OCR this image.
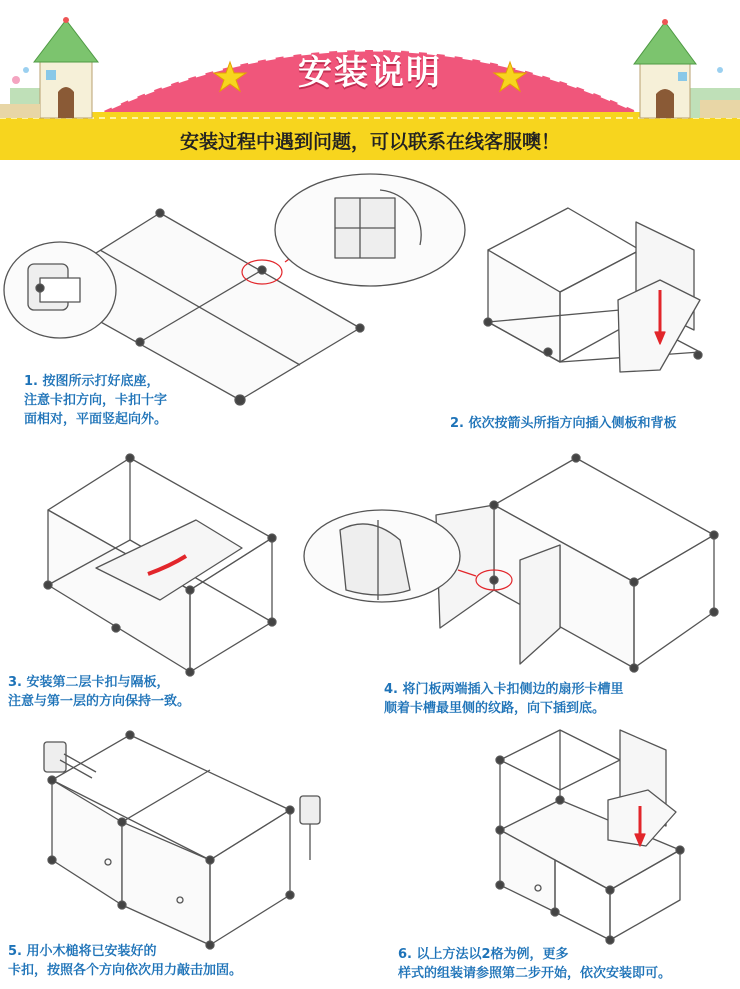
安装说明
安装过程中遇到问题，可以联系在线客服噢！

1. 按图所示打好底座，
注意卡扣方向，卡扣十字
面相对，平面竖起向外。	2. 依次按箭头所指方向插入侧板和背板

3. 安装第二层卡扣与隔板，
注意与第一层的方向保持一致。

4. 将门板两端插入卡扣侧边的扇形卡槽里
顺着卡槽最里侧的纹路，向下插到底。

5. 用小木槌将已安装好的
卡扣，按照各个方向依次用力敲击加固。

6. 以上方法以2格为例，更多
样式的组装请参照第二步开始，依次安装即可。
